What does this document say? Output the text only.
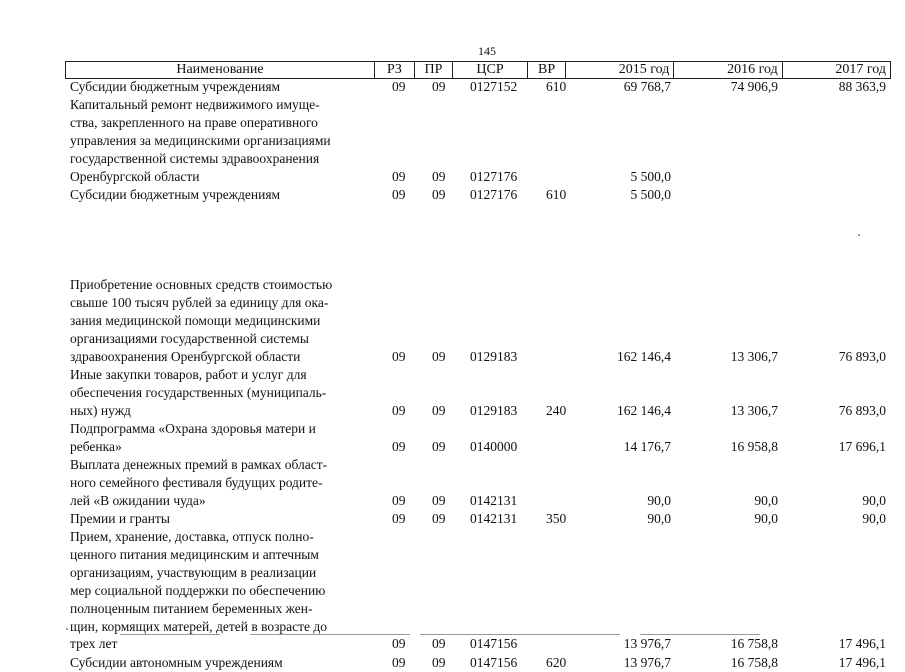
145
Наименование	РЗ	ПР	ЦСР	ВР	2015 год	2016 год	2017 год
Субсидии бюджетным учреждениям	09 09 0127152 610	69 768,7	74 906,9	88 363,9
Капитальный ремонт недвижимого имуще-
ства, закрепленного на праве оперативного
управления за медицинскими организациями
государственной системы здравоохранения
Оренбургской области	09 09 0127176	5 500,0
Субсидии бюджетным учреждениям	09 09 0127176 610	5 500,0
Приобретение основных средств стоимостью
свыше 100 тысяч рублей за единицу для ока-
зания медицинской помощи медицинскими
организациями государственной системы
здравоохранения Оренбургской области	09 09 0129183	162 146,4	13 306,7	76 893,0
Иные закупки товаров, работ и услуг для
обеспечения государственных (муниципаль-
ных) нужд	09 09 0129183 240	162 146,4	13 306,7	76 893,0
Подпрограмма «Охрана здоровья матери и
ребенка»	09 09 0140000	14 176,7	16 958,8	17 696,1
Выплата денежных премий в рамках област-
ного семейного фестиваля будущих родите-
лей «В ожидании чуда»	09 09 0142131	90,0	90,0	90,0
Премии и гранты	09 09 0142131 350	90,0	90,0	90,0
Прием, хранение, доставка, отпуск полно-
ценного питания медицинским и аптечным
организациям, участвующим в реализации
мер социальной поддержки по обеспечению
полноценным питанием беременных жен-
щин, кормящих матерей, детей в возрасте до
трех лет	09 09 0147156	13 976,7	16 758,8	17 496,1
Субсидии автономным учреждениям	09 09 0147156 620	13 976,7	16 758,8	17 496,1
